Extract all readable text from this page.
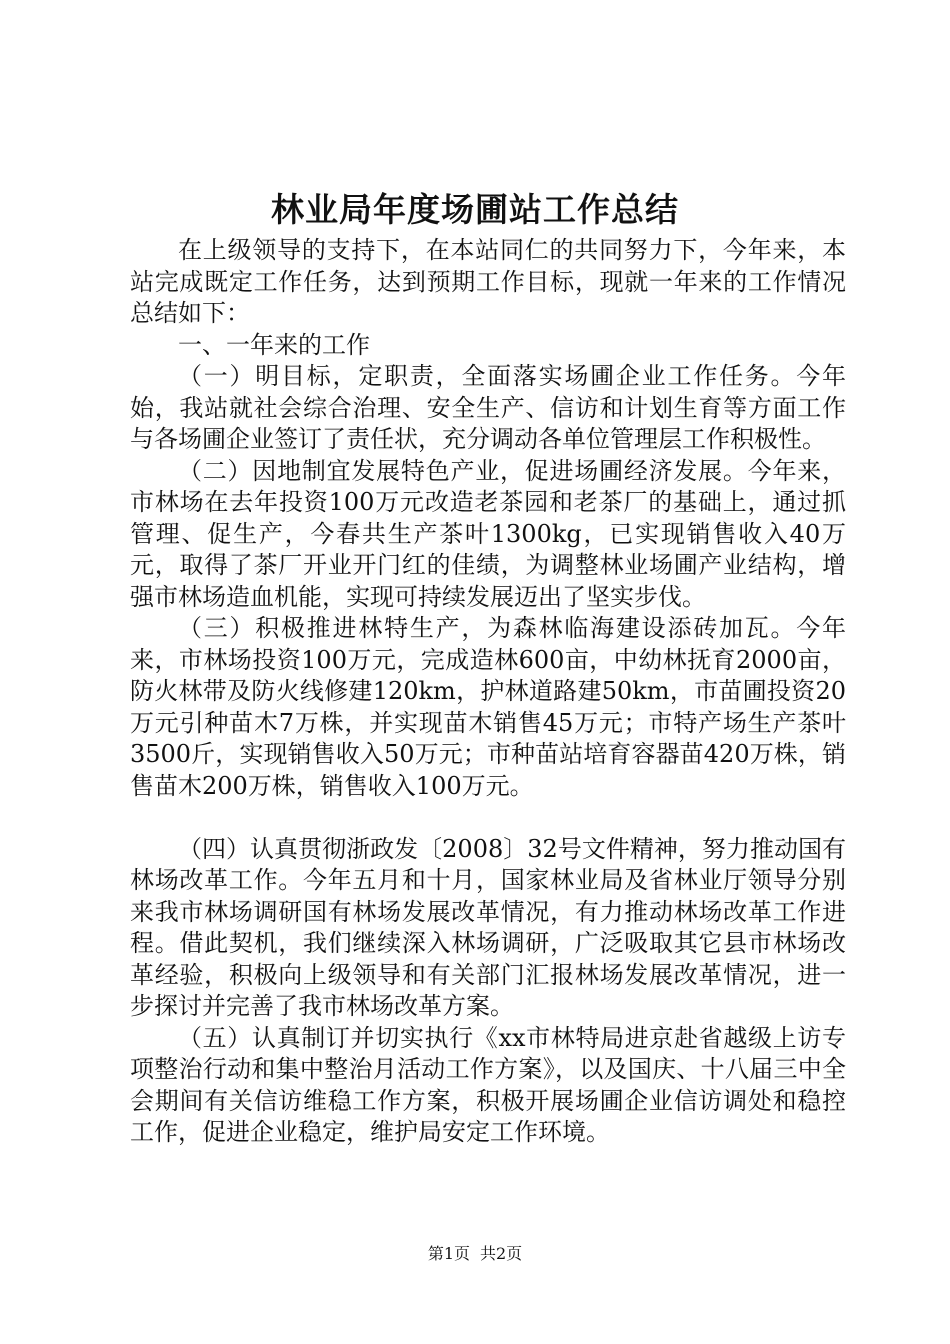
林业局年度场圃站工作总结

在上级领导的支持下，在本站同仁的共同努力下，今年来，本站完成既定工作任务，达到预期工作目标，现就一年来的工作情况总结如下：

一、一年来的工作

（一）明目标，定职责，全面落实场圃企业工作任务。今年始，我站就社会综合治理、安全生产、信访和计划生育等方面工作与各场圃企业签订了责任状，充分调动各单位管理层工作积极性。

（二）因地制宜发展特色产业，促进场圃经济发展。今年来，市林场在去年投资100万元改造老茶园和老茶厂的基础上，通过抓管理、促生产，今春共生产茶叶1300kg，已实现销售收入40万元，取得了茶厂开业开门红的佳绩，为调整林业场圃产业结构，增强市林场造血机能，实现可持续发展迈出了坚实步伐。

（三）积极推进林特生产，为森林临海建设添砖加瓦。今年来，市林场投资100万元，完成造林600亩，中幼林抚育2000亩，防火林带及防火线修建120km，护林道路建50km，市苗圃投资20万元引种苗木7万株，并实现苗木销售45万元；市特产场生产茶叶3500斤，实现销售收入50万元；市种苗站培育容器苗420万株，销售苗木200万株，销售收入100万元。

（四）认真贯彻浙政发〔2008〕32号文件精神，努力推动国有林场改革工作。今年五月和十月，国家林业局及省林业厅领导分别来我市林场调研国有林场发展改革情况，有力推动林场改革工作进程。借此契机，我们继续深入林场调研，广泛吸取其它县市林场改革经验，积极向上级领导和有关部门汇报林场发展改革情况，进一步探讨并完善了我市林场改革方案。

（五）认真制订并切实执行《xx市林特局进京赴省越级上访专项整治行动和集中整治月活动工作方案》，以及国庆、十八届三中全会期间有关信访维稳工作方案，积极开展场圃企业信访调处和稳控工作，促进企业稳定，维护局安定工作环境。

第1页 共2页
